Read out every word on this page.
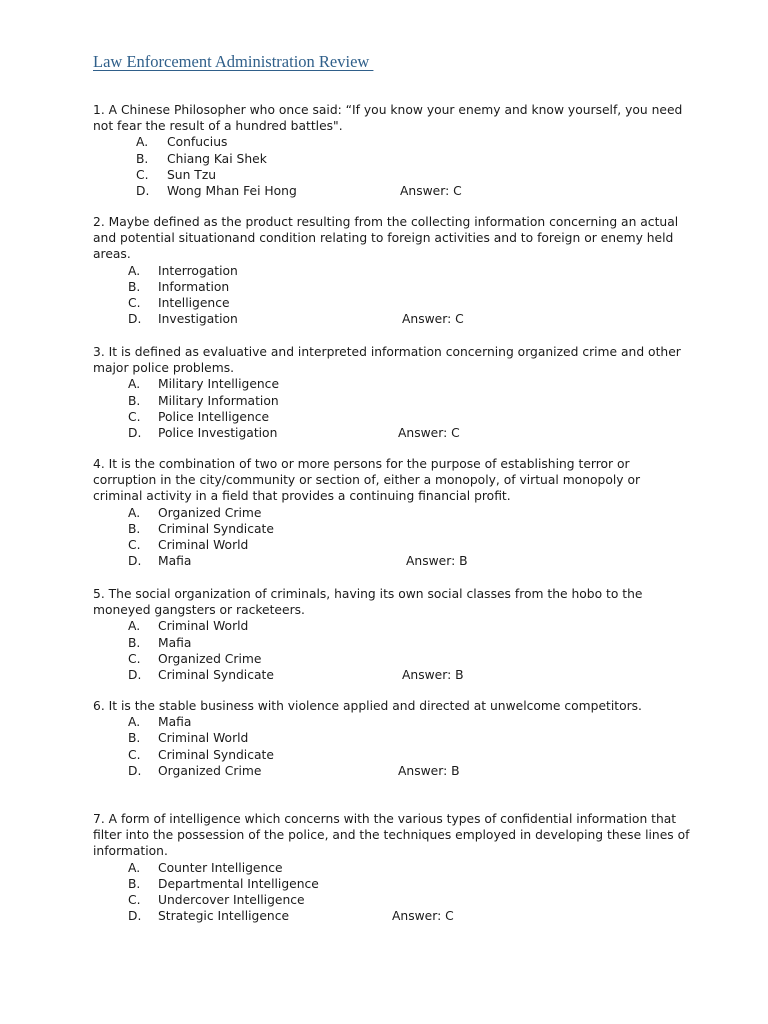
Law Enforcement Administration Review

1. A Chinese Philosopher who once said: “If you know your enemy and know yourself, you need not fear the result of a hundred battles".

A. Confucius
B. Chiang Kai Shek
C. Sun Tzu
D. Wong Mhan Fei Hong	Answer: C

2. Maybe defined as the product resulting from the collecting information concerning an actual and potential situationand condition relating to foreign activities and to foreign or enemy held areas.

A. Interrogation
B. Information
C. Intelligence
D. Investigation	Answer: C

3. It is defined as evaluative and interpreted information concerning organized crime and other major police problems.

A. Military Intelligence
B. Military Information
C. Police Intelligence
D. Police Investigation	Answer: C

4. It is the combination of two or more persons for the purpose of establishing terror or corruption in the city/community or section of, either a monopoly, of virtual monopoly or criminal activity in a field that provides a continuing financial profit.

A. Organized Crime
B. Criminal Syndicate
C. Criminal World
D. Mafia	Answer: B

5. The social organization of criminals, having its own social classes from the hobo to the moneyed gangsters or racketeers.

A. Criminal World
B. Mafia
C. Organized Crime
D. Criminal Syndicate	Answer: B

6. It is the stable business with violence applied and directed at unwelcome competitors.

A. Mafia
B. Criminal World
C. Criminal Syndicate
D. Organized Crime	Answer: B

7. A form of intelligence which concerns with the various types of confidential information that filter into the possession of the police, and the techniques employed in developing these lines of information.

A. Counter Intelligence
B. Departmental Intelligence
C. Undercover Intelligence
D. Strategic Intelligence	Answer: C
